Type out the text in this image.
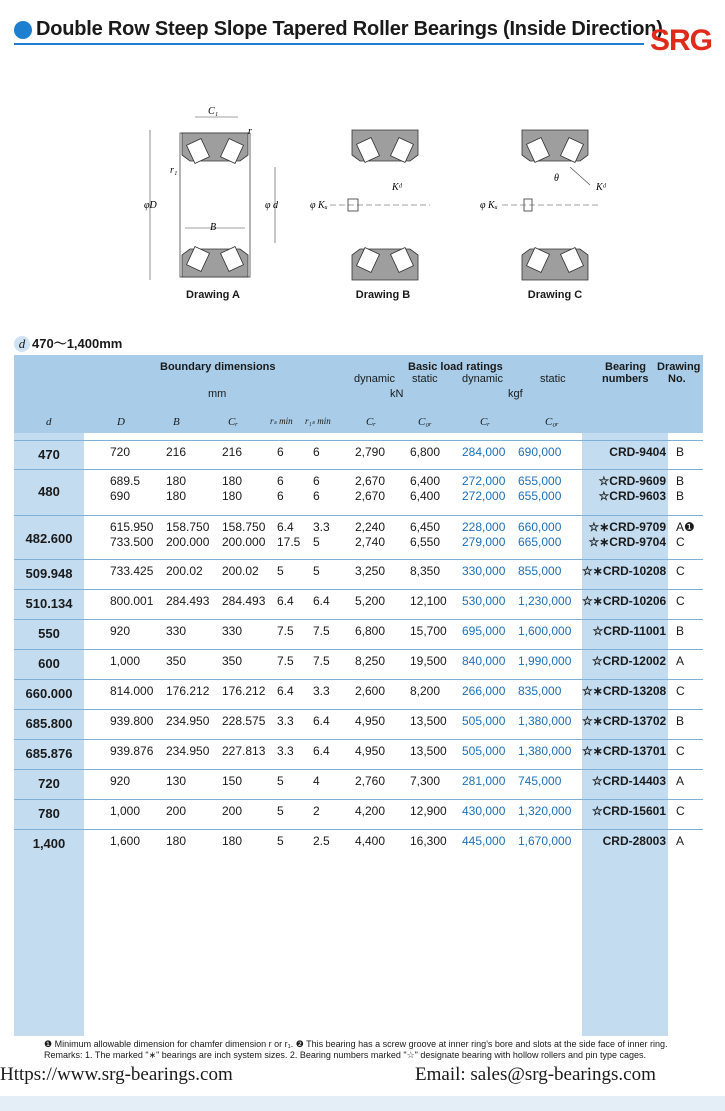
Double Row Steep Slope Tapered Roller Bearings (Inside Direction)
SRG
C₁
r
r₁
φD	φ d
B
φ Kᵤ
Kᵈ
φ Kᵤ
Kᵈ
θ
Drawing A	Drawing B	Drawing C
d 470～1,400mm
Boundary dimensions
mm
Basic load ratings
dynamic static dynamic	static
kN	kgf
Bearing
numbers
Drawing
No.
d	D	B	Cᵣ	rₛ min r₁ₛ min	Cᵣ	C₀ᵣ	Cᵣ	C₀ᵣ
470	720	216	216	6 6	2,790 6,800 284,000 690,000	CRD-9404 B
480
689.5 180	180	6 6	2,670 6,400 272,000 655,000	☆CRD-9609 B
690	180	180	6 6	2,670 6,400 272,000 655,000	☆CRD-9603 B
482.600
615.950 158.750 158.750 6.4 3.3 2,240 6,450 228,000 660,000	☆∗CRD-9709 A❶
733.500 200.000 200.000 17.5 5	2,740 6,550 279,000 665,000	☆∗CRD-9704 C
509.948	733.425 200.02 200.02 5 5	3,250 8,350 330,000 855,000 ☆∗CRD-10208 C
510.134	800.001 284.493 284.493 6.4 6.4 5,200 12,100 530,000 1,230,000 ☆∗CRD-10206 C
550	920	330	330	7.5 7.5 6,800 15,700 695,000 1,600,000	☆CRD-11001 B
600	1,000 350	350	7.5 7.5 8,250 19,500 840,000 1,990,000	☆CRD-12002 A
660.000	814.000 176.212 176.212 6.4 3.3 2,600 8,200 266,000 835,000 ☆∗CRD-13208 C
685.800	939.800 234.950 228.575 3.3 6.4 4,950 13,500 505,000 1,380,000 ☆∗CRD-13702 B
685.876	939.876 234.950 227.813 3.3 6.4 4,950 13,500 505,000 1,380,000 ☆∗CRD-13701 C
720	920	130	150	5 4	2,760 7,300 281,000 745,000	☆CRD-14403 A
780	1,000 200	200	5 2	4,200 12,900 430,000 1,320,000	☆CRD-15601 C
1,400	1,600 180	180	5 2.5 4,400 16,300 445,000 1,670,000	CRD-28003 A
❶ Minimum allowable dimension for chamfer dimension r or r₁. ❷ This bearing has a screw groove at inner ring's bore and slots at the side face of inner ring.
Remarks: 1. The marked "∗" bearings are inch system sizes. 2. Bearing numbers marked "☆" designate bearing with hollow rollers and pin type cages.
Https://www.srg-bearings.com	Email: sales@srg-bearings.com
